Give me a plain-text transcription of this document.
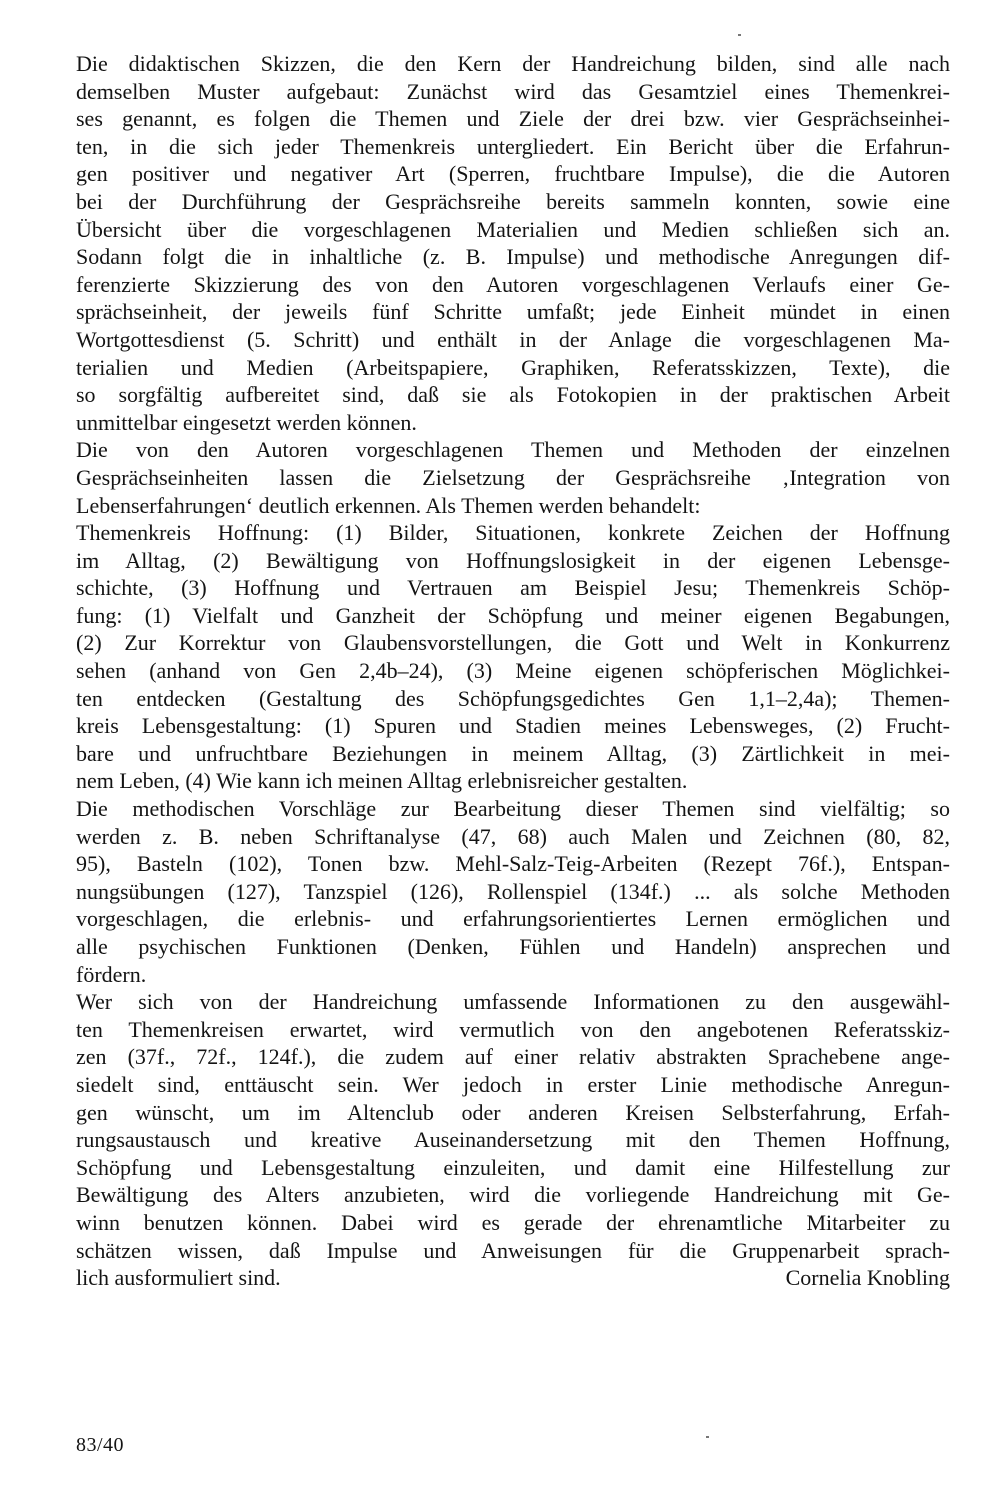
Die didaktischen Skizzen, die den Kern der Handreichung bilden, sind alle nach
demselben Muster aufgebaut: Zunächst wird das Gesamtziel eines Themenkrei-
ses genannt, es folgen die Themen und Ziele der drei bzw. vier Gesprächseinhei-
ten, in die sich jeder Themenkreis untergliedert. Ein Bericht über die Erfahrun-
gen positiver und negativer Art (Sperren, fruchtbare Impulse), die die Autoren
bei der Durchführung der Gesprächsreihe bereits sammeln konnten, sowie eine
Übersicht über die vorgeschlagenen Materialien und Medien schließen sich an.
Sodann folgt die in inhaltliche (z. B. Impulse) und methodische Anregungen dif-
ferenzierte Skizzierung des von den Autoren vorgeschlagenen Verlaufs einer Ge-
sprächseinheit, der jeweils fünf Schritte umfaßt; jede Einheit mündet in einen
Wortgottesdienst (5. Schritt) und enthält in der Anlage die vorgeschlagenen Ma-
terialien und Medien (Arbeitspapiere, Graphiken, Referatsskizzen, Texte), die
so sorgfältig aufbereitet sind, daß sie als Fotokopien in der praktischen Arbeit
unmittelbar eingesetzt werden können.
Die von den Autoren vorgeschlagenen Themen und Methoden der einzelnen
Gesprächseinheiten lassen die Zielsetzung der Gesprächsreihe ‚Integration von
Lebenserfahrungen‘ deutlich erkennen. Als Themen werden behandelt:
Themenkreis Hoffnung: (1) Bilder, Situationen, konkrete Zeichen der Hoffnung
im Alltag, (2) Bewältigung von Hoffnungslosigkeit in der eigenen Lebensge-
schichte, (3) Hoffnung und Vertrauen am Beispiel Jesu; Themenkreis Schöp-
fung: (1) Vielfalt und Ganzheit der Schöpfung und meiner eigenen Begabungen,
(2) Zur Korrektur von Glaubensvorstellungen, die Gott und Welt in Konkurrenz
sehen (anhand von Gen 2,4b–24), (3) Meine eigenen schöpferischen Möglichkei-
ten entdecken (Gestaltung des Schöpfungsgedichtes Gen 1,1–2,4a); Themen-
kreis Lebensgestaltung: (1) Spuren und Stadien meines Lebensweges, (2) Frucht-
bare und unfruchtbare Beziehungen in meinem Alltag, (3) Zärtlichkeit in mei-
nem Leben, (4) Wie kann ich meinen Alltag erlebnisreicher gestalten.
Die methodischen Vorschläge zur Bearbeitung dieser Themen sind vielfältig; so
werden z. B. neben Schriftanalyse (47, 68) auch Malen und Zeichnen (80, 82,
95), Basteln (102), Tonen bzw. Mehl-Salz-Teig-Arbeiten (Rezept 76f.), Entspan-
nungsübungen (127), Tanzspiel (126), Rollenspiel (134f.) ... als solche Methoden
vorgeschlagen, die erlebnis- und erfahrungsorientiertes Lernen ermöglichen und
alle psychischen Funktionen (Denken, Fühlen und Handeln) ansprechen und
fördern.
Wer sich von der Handreichung umfassende Informationen zu den ausgewähl-
ten Themenkreisen erwartet, wird vermutlich von den angebotenen Referatsskiz-
zen (37f., 72f., 124f.), die zudem auf einer relativ abstrakten Sprachebene ange-
siedelt sind, enttäuscht sein. Wer jedoch in erster Linie methodische Anregun-
gen wünscht, um im Altenclub oder anderen Kreisen Selbsterfahrung, Erfah-
rungsaustausch und kreative Auseinandersetzung mit den Themen Hoffnung,
Schöpfung und Lebensgestaltung einzuleiten, und damit eine Hilfestellung zur
Bewältigung des Alters anzubieten, wird die vorliegende Handreichung mit Ge-
winn benutzen können. Dabei wird es gerade der ehrenamtliche Mitarbeiter zu
schätzen wissen, daß Impulse und Anweisungen für die Gruppenarbeit sprach-
lich ausformuliert sind.	Cornelia Knobling
83/40
